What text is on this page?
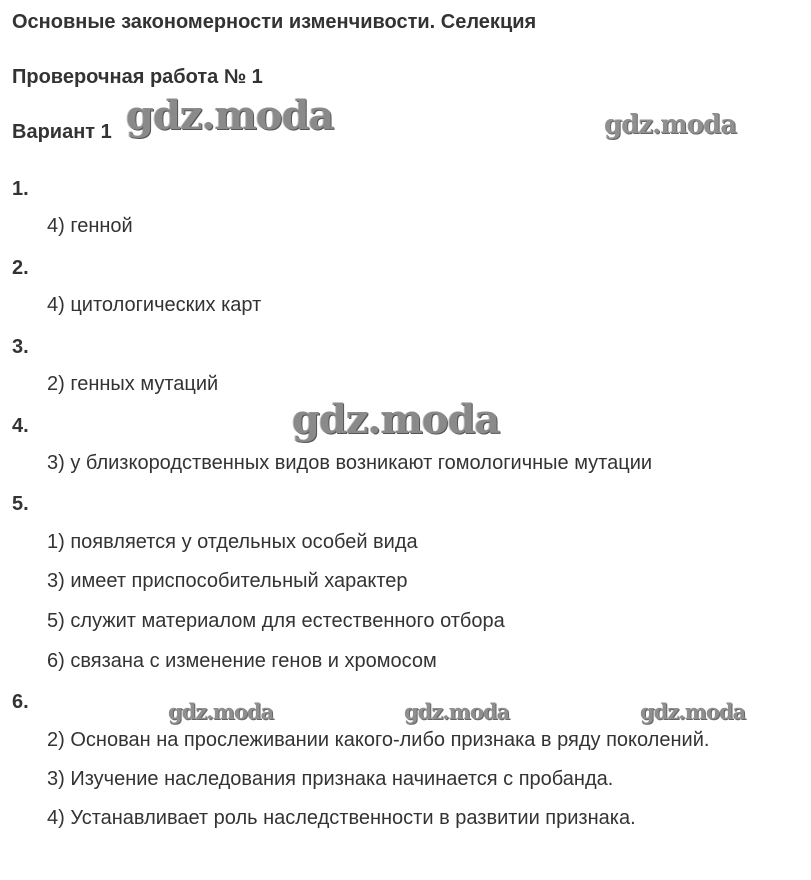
Основные закономерности изменчивости. Селекция
Проверочная работа № 1
Вариант 1
1.
4) генной
2.
4) цитологических карт
3.
2) генных мутаций
4.
3) у близкородственных видов возникают гомологичные мутации
5.
1) появляется у отдельных особей вида
3) имеет приспособительный характер
5) служит материалом для естественного отбора
6) связана с изменение генов и хромосом
6.
2) Основан на прослеживании какого-либо признака в ряду поколений.
3) Изучение наследования признака начинается с пробанда.
4) Устанавливает роль наследственности в развитии признака.
gdz.moda	gdz.moda
gdz.moda
gdz.moda	gdz.moda	gdz.moda
